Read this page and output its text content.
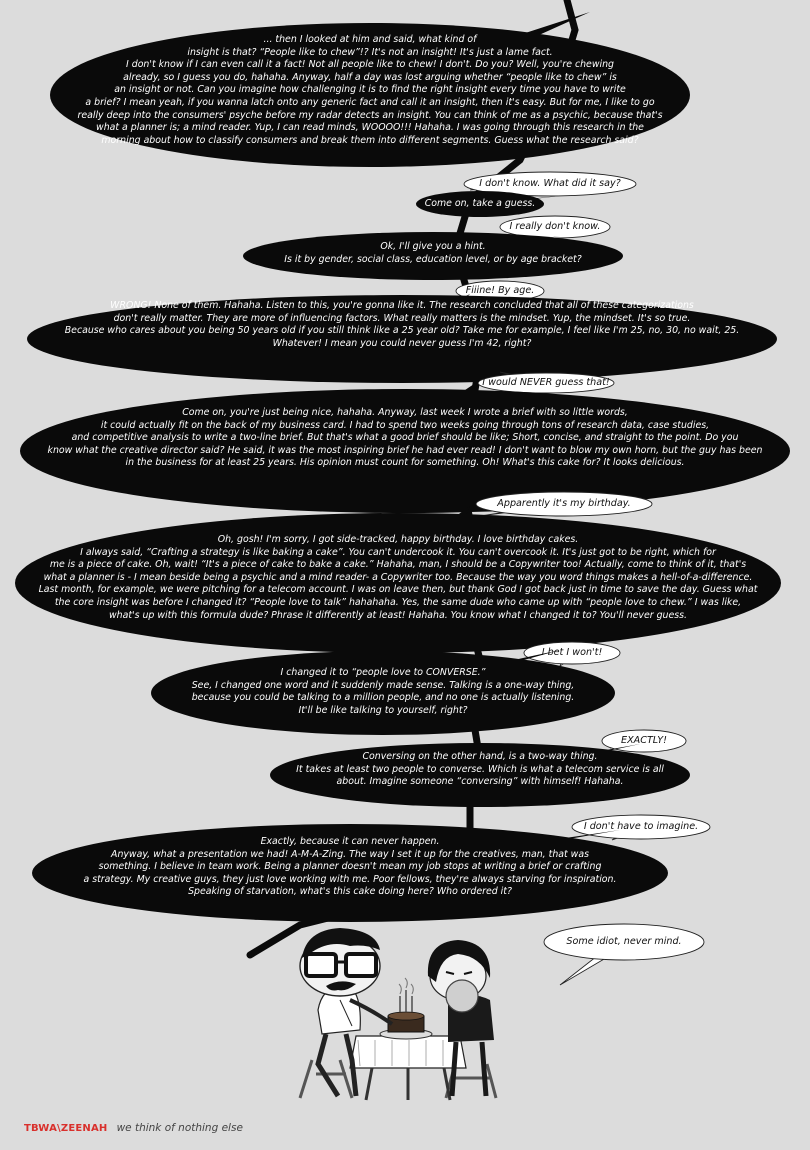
... then I looked at him and said, what kind of
insight is that? “People like to chew”!? It's not an insight! It's just a lame fact.
I don't know if I can even call it a fact! Not all people like to chew! I don't. Do you? Well, you're chewing
already, so I guess you do, hahaha. Anyway, half a day was lost arguing whether “people like to chew” is
an insight or not. Can you imagine how challenging it is to find the right insight every time you have to write
a brief? I mean yeah, if you wanna latch onto any generic fact and call it an insight, then it's easy. But for me, I like to go
really deep into the consumers' psyche before my radar detects an insight. You can think of me as a psychic, because that's
what a planner is; a mind reader. Yup, I can read minds, WOOOO!!! Hahaha. I was going through this research in the
morning about how to classify consumers and break them into different segments. Guess what the research said?
I don't know. What did it say?
Come on, take a guess.
I really don't know.
Ok, I'll give you a hint.
Is it by gender, social class, education level, or by age bracket?
Fiiine! By age.
WRONG! None of them. Hahaha. Listen to this, you're gonna like it. The research concluded that all of these categorizations
don't really matter. They are more of influencing factors. What really matters is the mindset. Yup, the mindset. It's so true.
Because who cares about you being 50 years old if you still think like a 25 year old? Take me for example, I feel like I'm 25, no, 30, no wait, 25.
Whatever! I mean you could never guess I'm 42, right?
I would NEVER guess that!
Come on, you're just being nice, hahaha. Anyway, last week I wrote a brief with so little words,
it could actually fit on the back of my business card. I had to spend two weeks going through tons of research data, case studies,
and competitive analysis to write a two-line brief. But that's what a good brief should be like; Short, concise, and straight to the point. Do you
know what the creative director said? He said, it was the most inspiring brief he had ever read! I don't want to blow my own horn, but the guy has been
in the business for at least 25 years. His opinion must count for something. Oh! What's this cake for? It looks delicious.
Apparently it's my birthday.
Oh, gosh! I'm sorry, I got side-tracked, happy birthday. I love birthday cakes.
I always said, “Crafting a strategy is like baking a cake”. You can't undercook it. You can't overcook it. It's just got to be right, which for
me is a piece of cake. Oh, wait! “It's a piece of cake to bake a cake.” Hahaha, man, I should be a Copywriter too! Actually, come to think of it, that's
what a planner is - I mean beside being a psychic and a mind reader- a Copywriter too. Because the way you word things makes a hell-of-a-difference.
Last month, for example, we were pitching for a telecom account. I was on leave then, but thank God I got back just in time to save the day. Guess what
the core insight was before I changed it? “People love to talk” hahahaha. Yes, the same dude who came up with “people love to chew.” I was like,
what's up with this formula dude? Phrase it differently at least! Hahaha. You know what I changed it to? You'll never guess.
I bet I won't!
I changed it to “people love to CONVERSE.”
See, I changed one word and it suddenly made sense. Talking is a one-way thing,
because you could be talking to a million people, and no one is actually listening.
It'll be like talking to yourself, right?
EXACTLY!
Conversing on the other hand, is a two-way thing.
It takes at least two people to converse. Which is what a telecom service is all
about. Imagine someone “conversing” with himself! Hahaha.
I don't have to imagine.
Exactly, because it can never happen.
Anyway, what a presentation we had! A-M-A-Zing. The way I set it up for the creatives, man, that was
something. I believe in team work. Being a planner doesn't mean my job stops at writing a brief or crafting
a strategy. My creative guys, they just love working with me. Poor fellows, they're always starving for inspiration.
Speaking of starvation, what's this cake doing here? Who ordered it?
Some idiot, never mind.
TBWA\ZEENAH we think of nothing else
